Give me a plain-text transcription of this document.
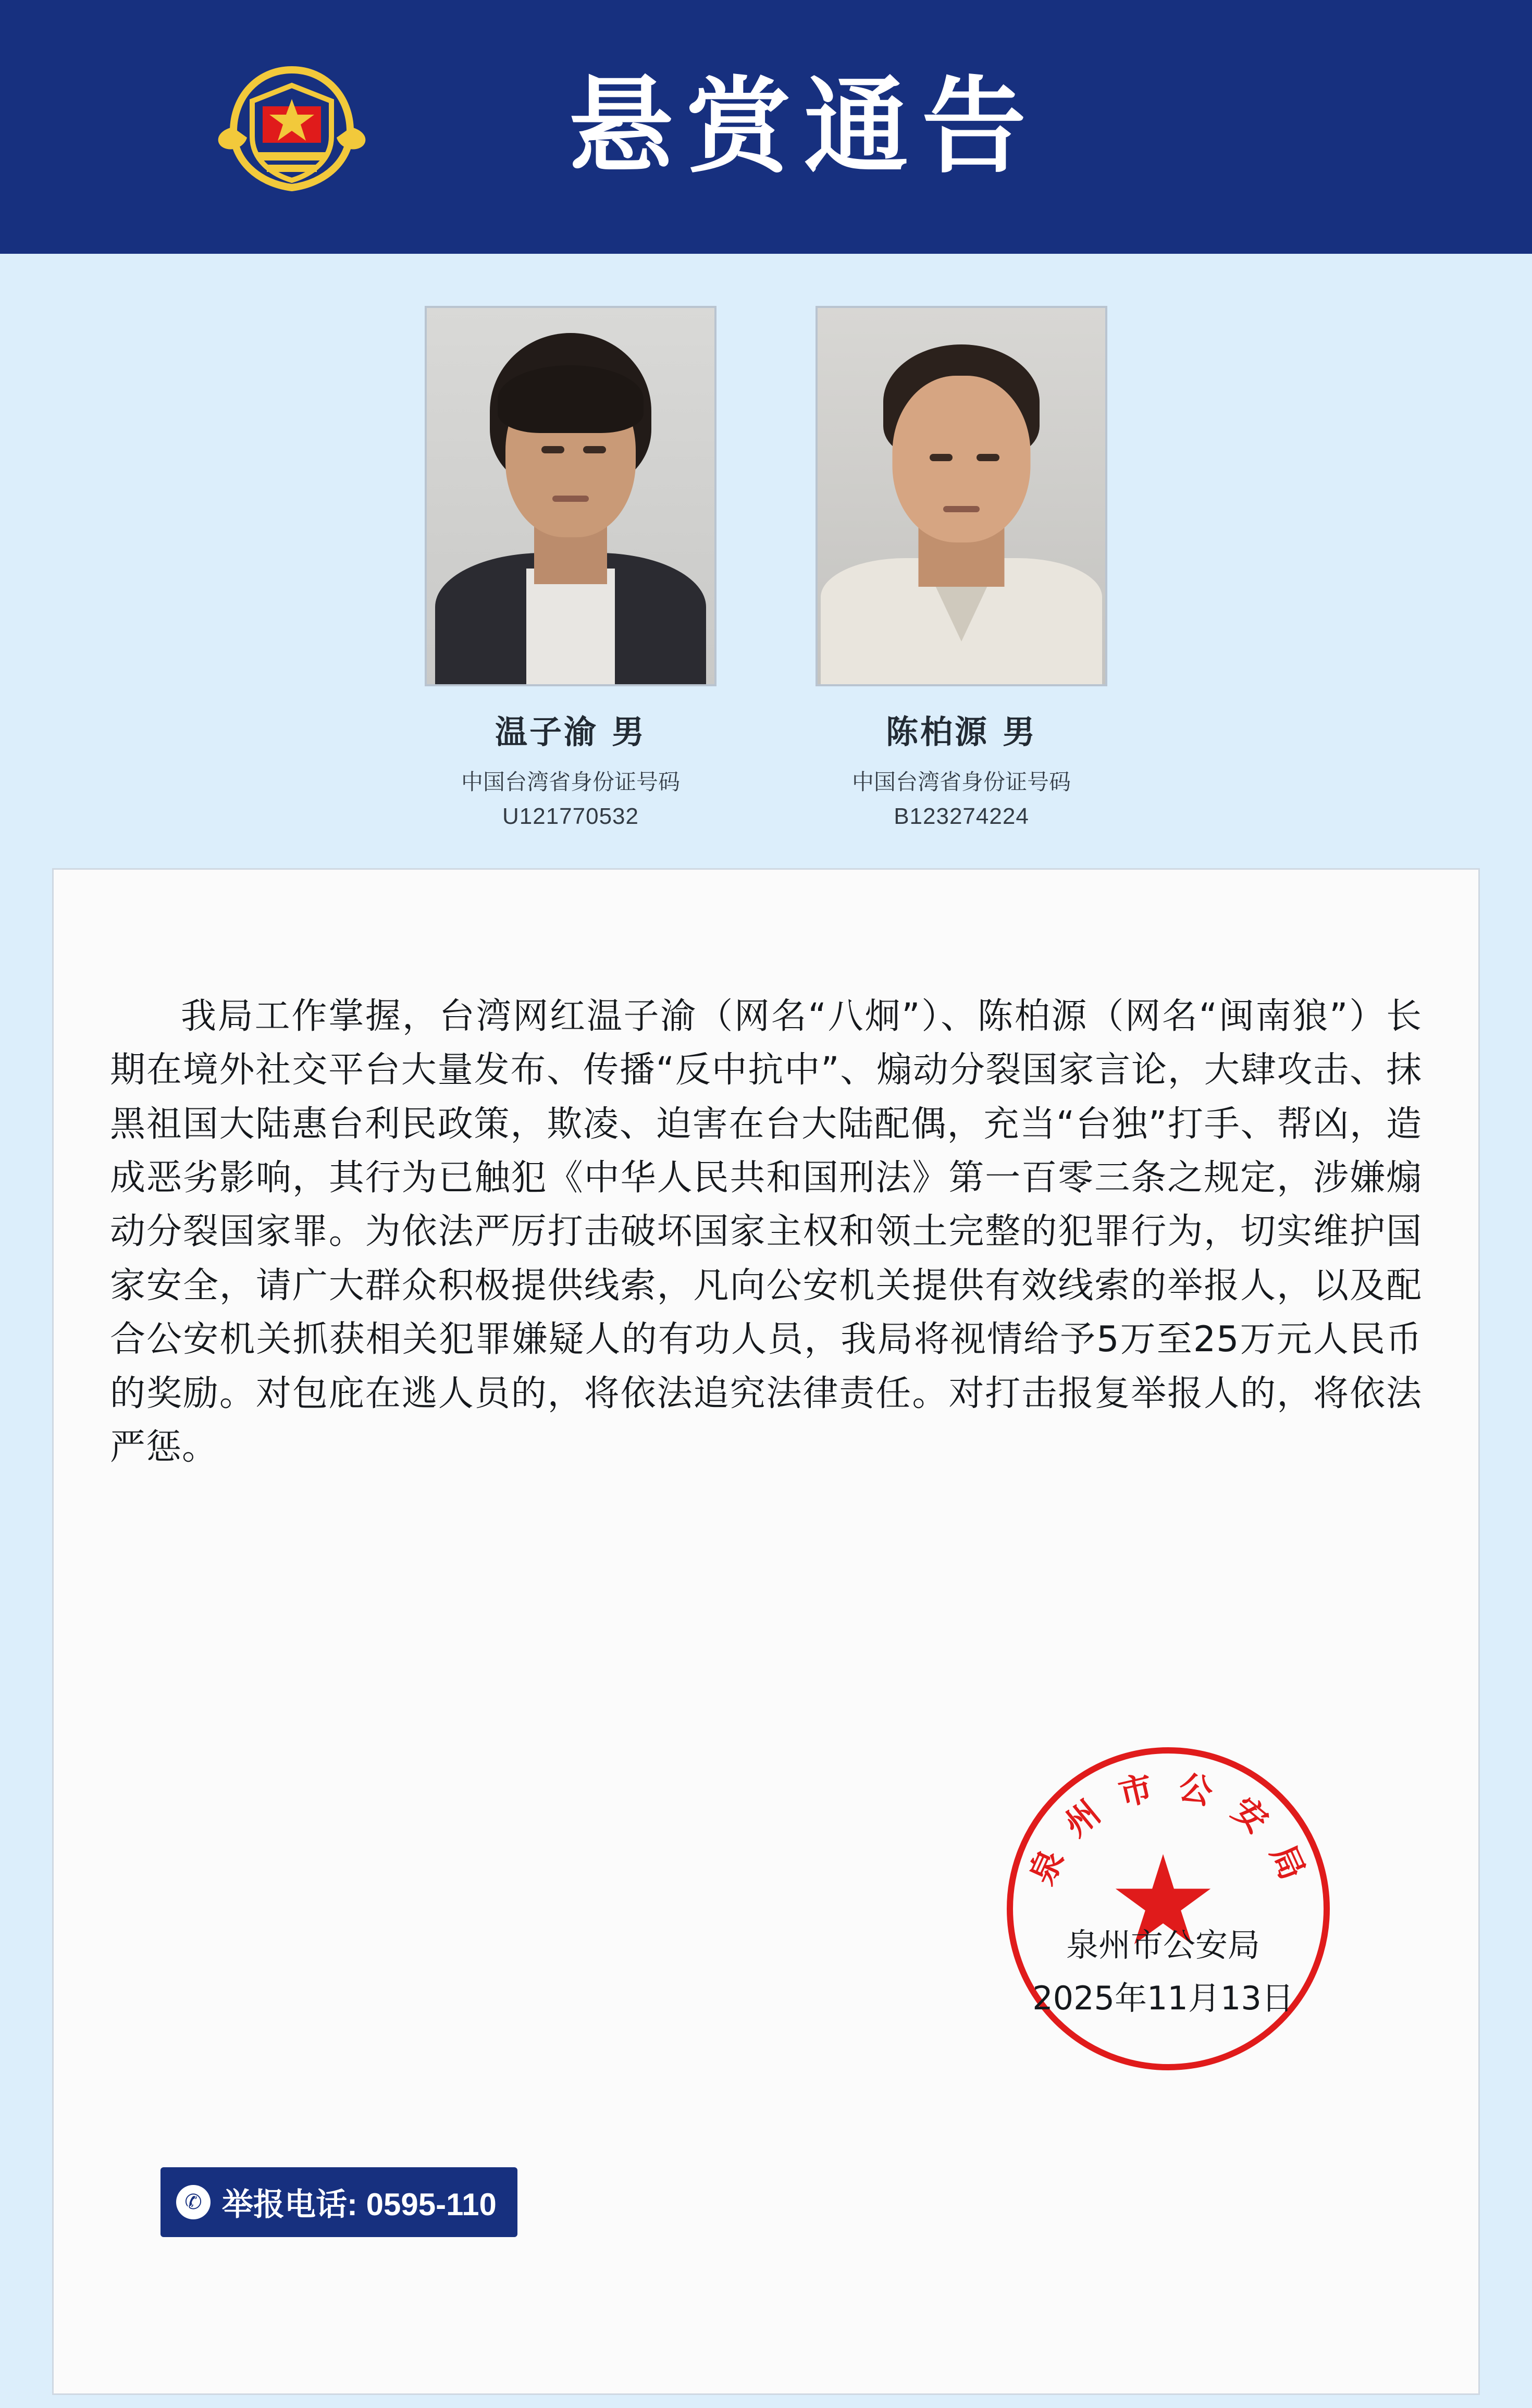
悬赏通告
温子渝 男
中国台湾省身份证号码
U121770532
陈柏源 男
中国台湾省身份证号码
B123274224
我局工作掌握，台湾网红温子渝（网名“八炯”）、陈柏源（网名“闽南狼”）长期在境外社交平台大量发布、传播“反中抗中”、煽动分裂国家言论，大肆攻击、抹黑祖国大陆惠台利民政策，欺凌、迫害在台大陆配偶，充当“台独”打手、帮凶，造成恶劣影响，其行为已触犯《中华人民共和国刑法》第一百零三条之规定，涉嫌煽动分裂国家罪。为依法严厉打击破坏国家主权和领土完整的犯罪行为，切实维护国家安全，请广大群众积极提供线索，凡向公安机关提供有效线索的举报人，以及配合公安机关抓获相关犯罪嫌疑人的有功人员，我局将视情给予5万至25万元人民币的奖励。对包庇在逃人员的，将依法追究法律责任。对打击报复举报人的，将依法严惩。
泉 州 市 公 安 局
泉州市公安局
2025年11月13日
✆ 举报电话: 0595-110
